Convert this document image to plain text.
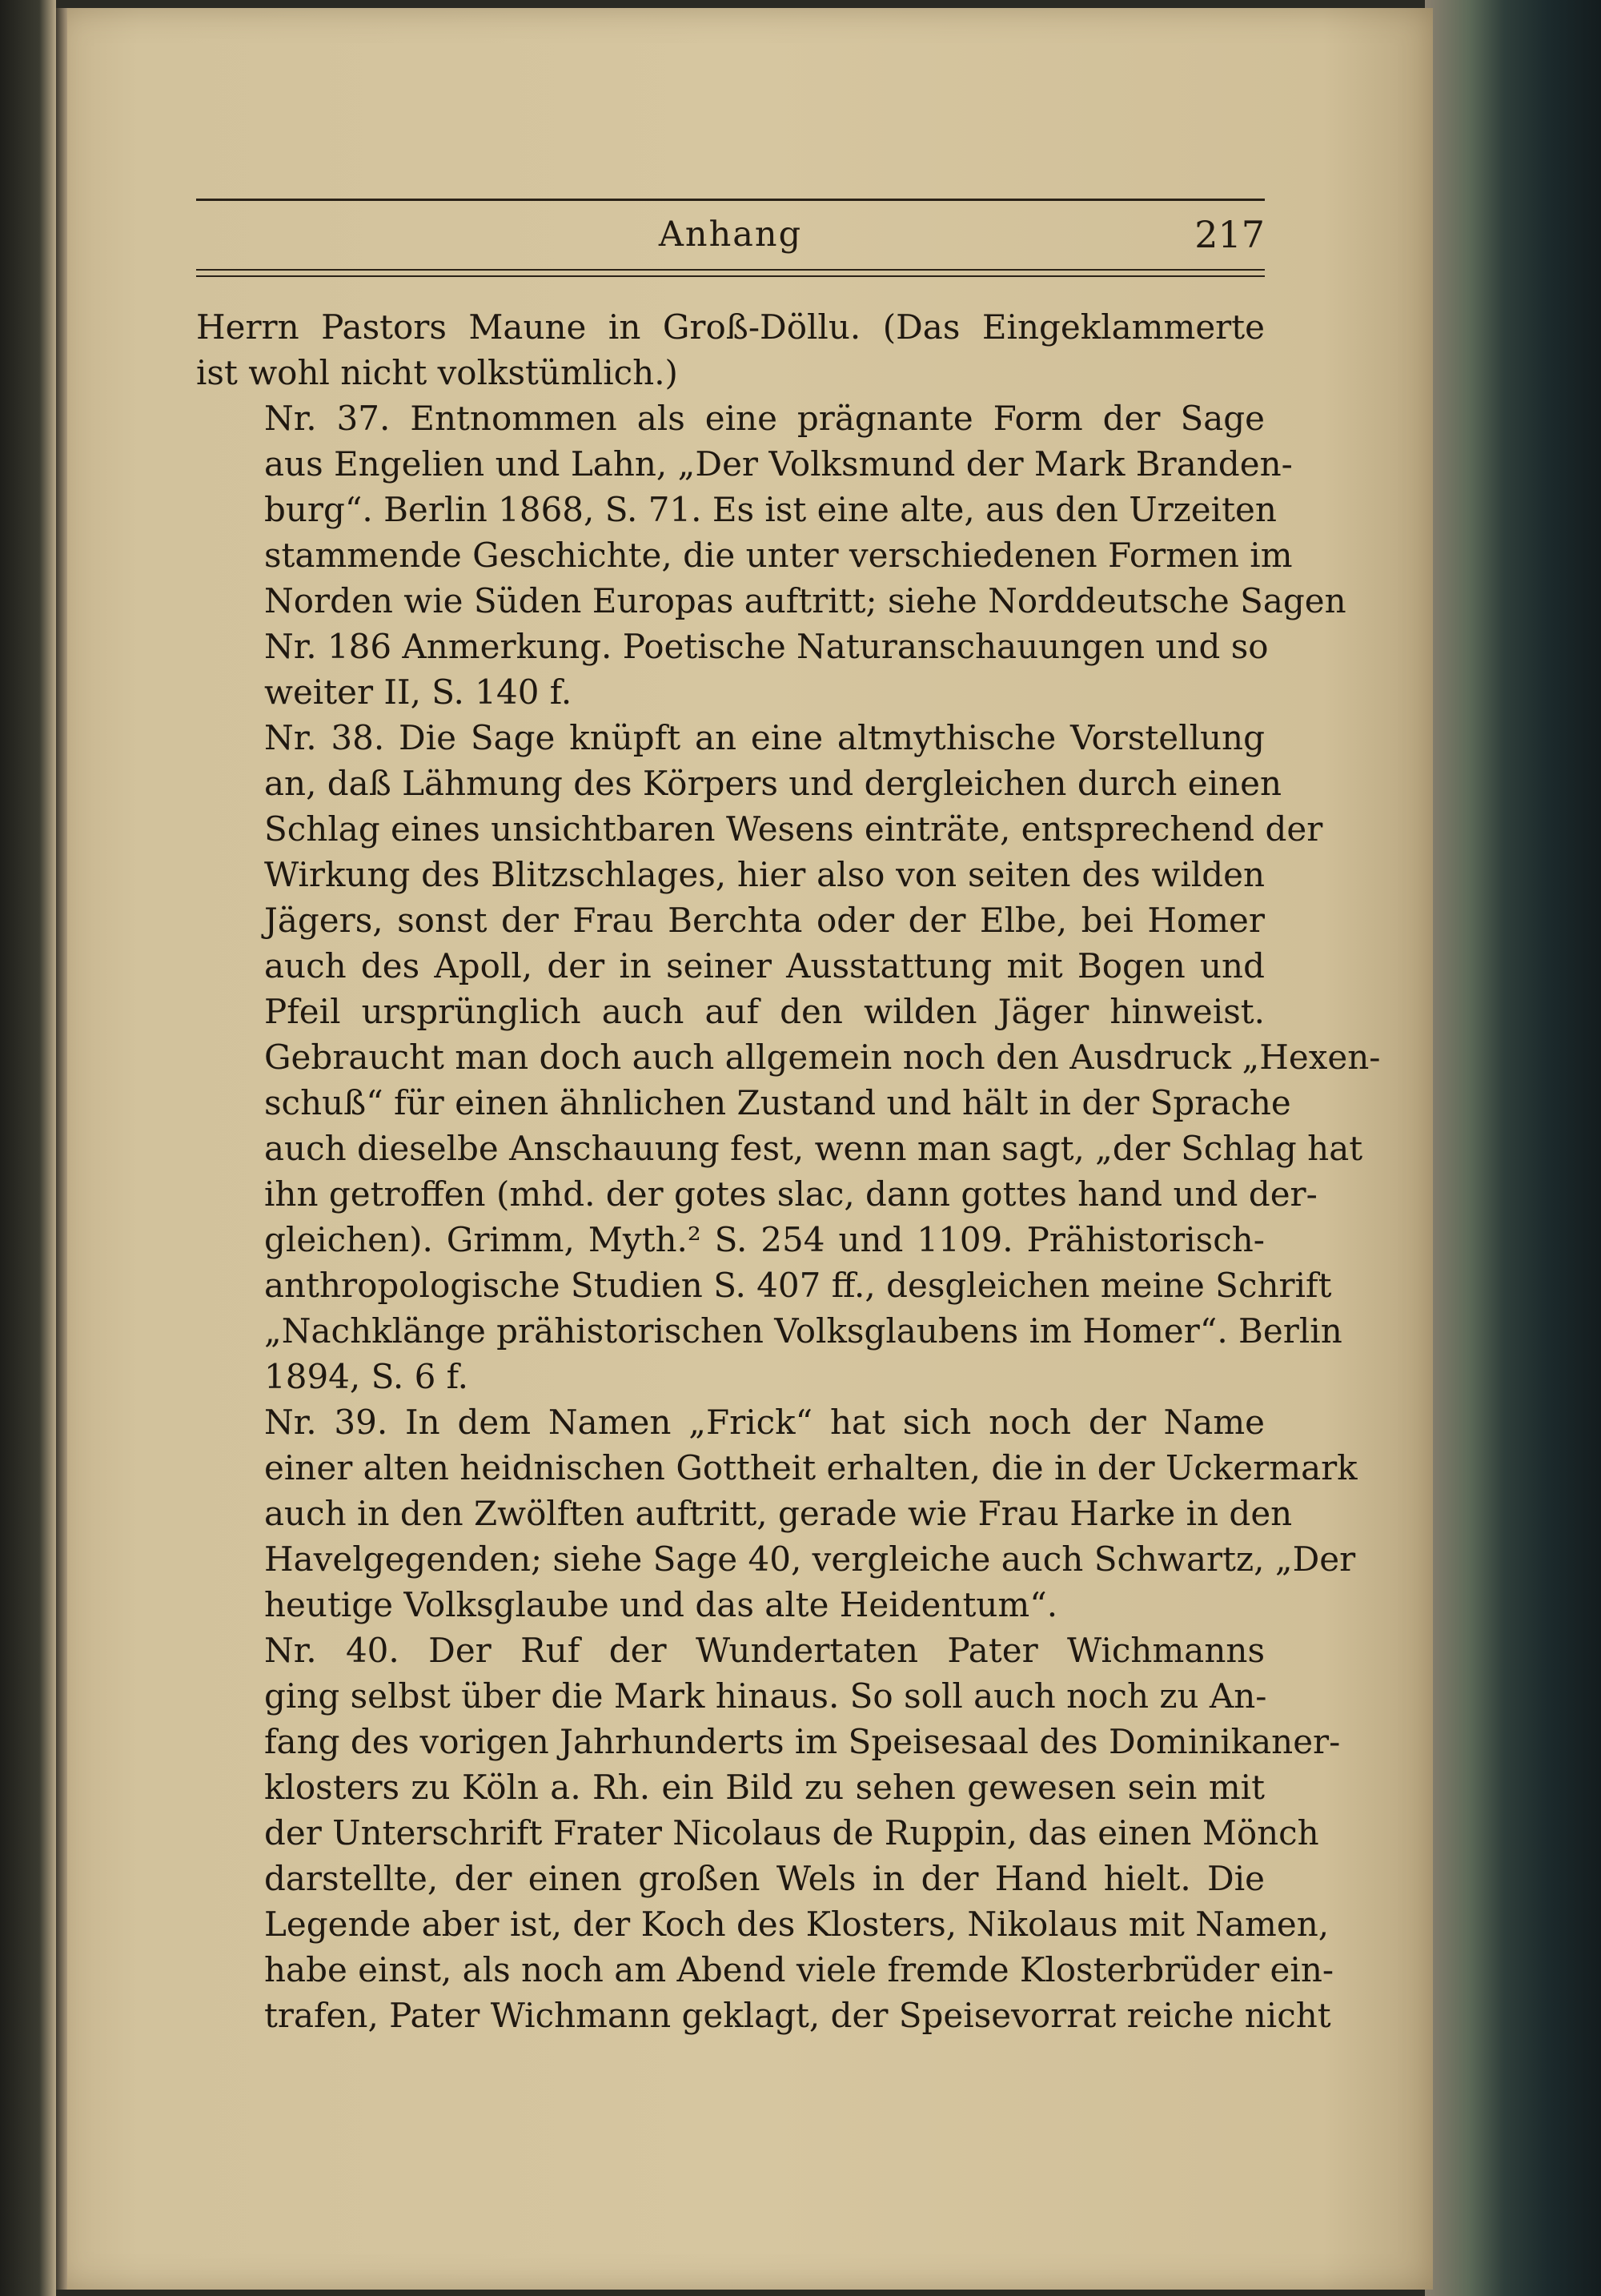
Anhang	217

Herrn Pastors Maune in Groß-Döllu. (Das Eingeklammerte
ist wohl nicht volkstümlich.)

Nr. 37. Entnommen als eine prägnante Form der Sage
aus Engelien und Lahn, „Der Volksmund der Mark Branden-
burg“. Berlin 1868, S. 71. Es ist eine alte, aus den Urzeiten
stammende Geschichte, die unter verschiedenen Formen im
Norden wie Süden Europas auftritt; siehe Norddeutsche Sagen
Nr. 186 Anmerkung. Poetische Naturanschauungen und so
weiter II, S. 140 f.

Nr. 38. Die Sage knüpft an eine altmythische Vorstellung
an, daß Lähmung des Körpers und dergleichen durch einen
Schlag eines unsichtbaren Wesens einträte, entsprechend der
Wirkung des Blitzschlages, hier also von seiten des wilden
Jägers, sonst der Frau Berchta oder der Elbe, bei Homer
auch des Apoll, der in seiner Ausstattung mit Bogen und
Pfeil ursprünglich auch auf den wilden Jäger hinweist.
Gebraucht man doch auch allgemein noch den Ausdruck „Hexen-
schuß“ für einen ähnlichen Zustand und hält in der Sprache
auch dieselbe Anschauung fest, wenn man sagt, „der Schlag hat
ihn getroffen (mhd. der gotes slac, dann gottes hand und der-
gleichen). Grimm, Myth.² S. 254 und 1109. Prähistorisch-
anthropologische Studien S. 407 ff., desgleichen meine Schrift
„Nachklänge prähistorischen Volksglaubens im Homer“. Berlin
1894, S. 6 f.

Nr. 39. In dem Namen „Frick“ hat sich noch der Name
einer alten heidnischen Gottheit erhalten, die in der Uckermark
auch in den Zwölften auftritt, gerade wie Frau Harke in den
Havelgegenden; siehe Sage 40, vergleiche auch Schwartz, „Der
heutige Volksglaube und das alte Heidentum“.

Nr. 40. Der Ruf der Wundertaten Pater Wichmanns
ging selbst über die Mark hinaus. So soll auch noch zu An-
fang des vorigen Jahrhunderts im Speisesaal des Dominikaner-
klosters zu Köln a. Rh. ein Bild zu sehen gewesen sein mit
der Unterschrift Frater Nicolaus de Ruppin, das einen Mönch
darstellte, der einen großen Wels in der Hand hielt. Die
Legende aber ist, der Koch des Klosters, Nikolaus mit Namen,
habe einst, als noch am Abend viele fremde Klosterbrüder ein-
trafen, Pater Wichmann geklagt, der Speisevorrat reiche nicht
